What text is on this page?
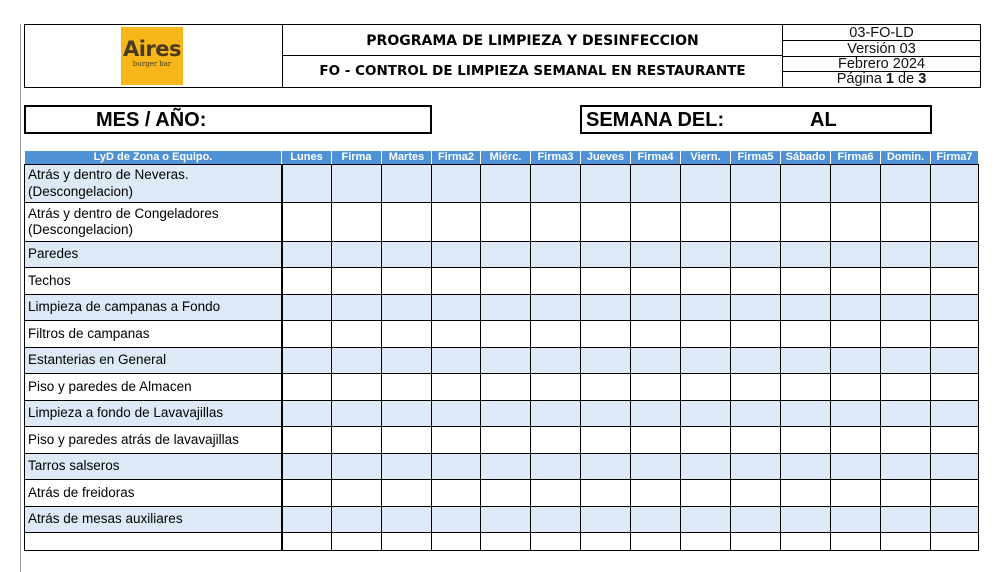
Aires
burger bar
PROGRAMA DE LIMPIEZA Y DESINFECCION
FO - CONTROL DE LIMPIEZA SEMANAL EN RESTAURANTE
03-FO-LD
Versión 03
Febrero 2024
Página 1 de 3
MES / AÑO:	SEMANA DEL:	AL
LyD de Zona o Equipo.	Lunes	Firma	Martes	Firma2	Miérc.	Firma3	Jueves	Firma4	Viern.	Firma5	Sábado	Firma6	Domin.	Firma7

Atrás y dentro de Neveras.
(Descongelacion)														

Atrás y dentro de Congeladores
(Descongelacion)														

Paredes														

Techos														

Limpieza de campanas a Fondo														

Filtros de campanas														

Estanterias en General														

Piso y paredes de Almacen														

Limpieza a fondo de Lavavajillas														

Piso y paredes atrás de lavavajillas														

Tarros salseros														

Atrás de freidoras														

Atrás de mesas auxiliares														
